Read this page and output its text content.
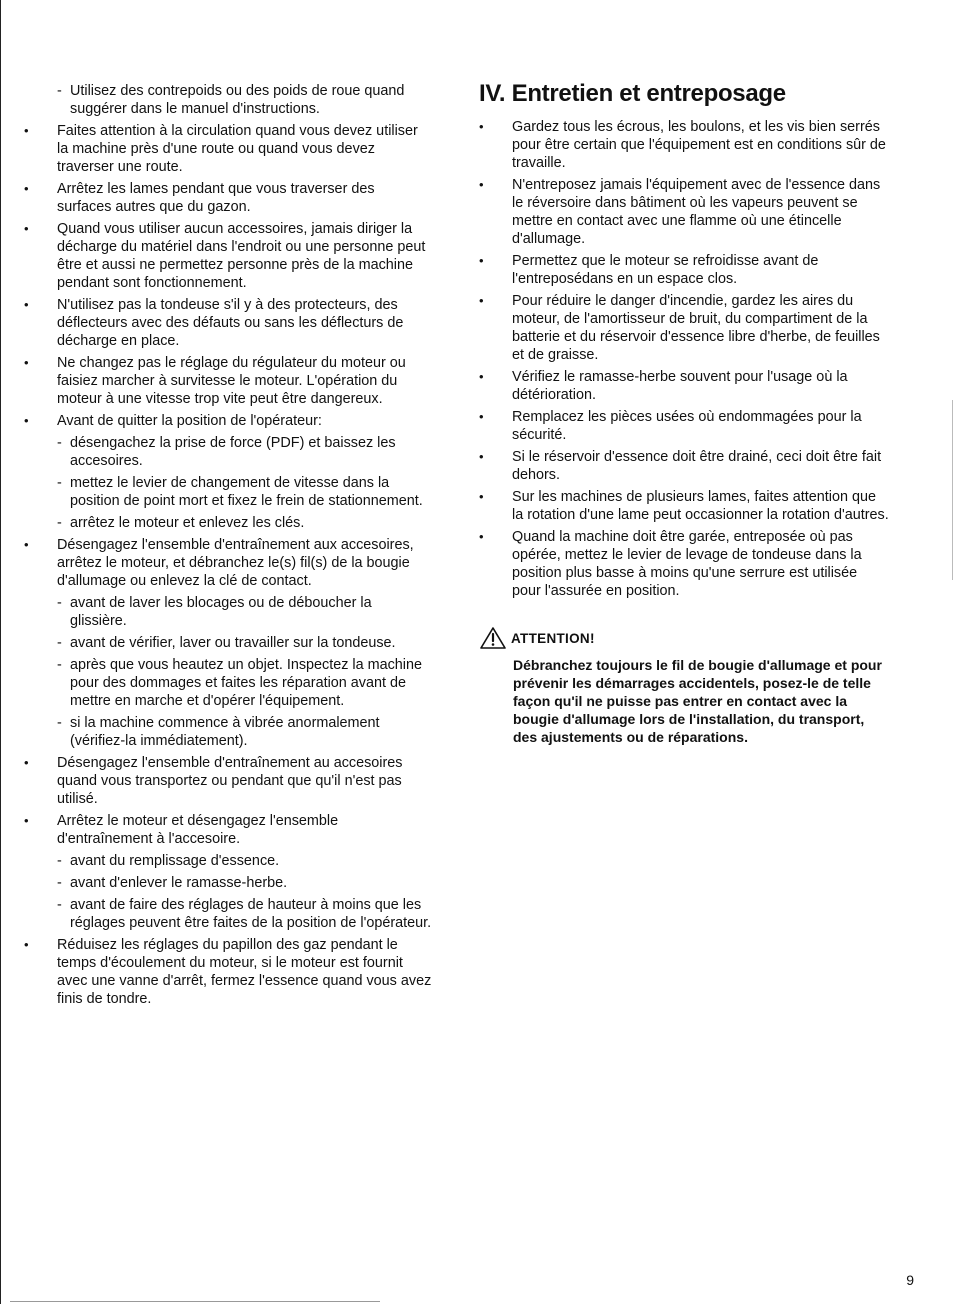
- Utilisez des contrepoids ou des poids de roue quand suggérer dans le manuel d'instructions.
• Faites attention à la circulation quand vous devez utiliser la machine près d'une route ou quand vous devez traverser une route.
• Arrêtez les lames pendant que vous traverser des surfaces autres que du gazon.
• Quand vous utiliser aucun accessoires, jamais diriger la décharge du matériel dans l'endroit ou une personne peut être et aussi ne permettez personne près de la machine pendant sont fonctionnement.
• N'utilisez pas la tondeuse s'il y à des protecteurs, des déflecteurs avec des défauts ou sans les déflecturs de décharge en place.
• Ne changez pas le réglage du régulateur du moteur ou faisiez marcher à survitesse le moteur. L'opération du moteur à une vitesse trop vite peut être dangereux.
• Avant de quitter la position de l'opérateur:
- désengachez la prise de force (PDF) et baissez les accesoires.
- mettez le levier de changement de vitesse dans la position de point mort et fixez le frein de stationnement.
- arrêtez le moteur et enlevez les clés.
• Désengagez l'ensemble d'entraînement aux accesoires, arrêtez le moteur, et débranchez le(s) fil(s) de la bougie d'allumage ou enlevez la clé de contact.
- avant de laver les blocages ou de déboucher la glissière.
- avant de vérifier, laver ou travailler sur la tondeuse.
- après que vous heautez un objet. Inspectez la machine pour des dommages et faites les réparation avant de mettre en marche et d'opérer l'équipement.
- si la machine commence à vibrée anormalement (vérifiez-la immédiatement).
• Désengagez l'ensemble d'entraînement au accesoires quand vous transportez ou pendant que qu'il n'est pas utilisé.
• Arrêtez le moteur et désengagez l'ensemble d'entraînement à l'accesoire.
- avant du remplissage d'essence.
- avant d'enlever le ramasse-herbe.
- avant de faire des réglages de hauteur à moins que les réglages peuvent être faites de la position de l'opérateur.
• Réduisez les réglages du papillon des gaz pendant le temps d'écoulement du moteur, si le moteur est fournit avec une vanne d'arrêt, fermez l'essence quand vous avez finis de tondre.
IV. Entretien et entreposage
• Gardez tous les écrous, les boulons, et les vis bien serrés pour être certain que l'équipement est en conditions sûr de travaille.
• N'entreposez jamais l'équipement avec de l'essence dans le réversoire dans bâtiment où les vapeurs peuvent se mettre en contact avec une flamme où une étincelle d'allumage.
• Permettez que le moteur se refroidisse avant de l'entreposédans en un espace clos.
• Pour réduire le danger d'incendie, gardez les aires du moteur, de l'amortisseur de bruit, du compartiment de la batterie et du réservoir d'essence libre d'herbe, de feuilles et de graisse.
• Vérifiez le ramasse-herbe souvent pour l'usage où la détérioration.
• Remplacez les pièces usées où endommagées pour la sécurité.
• Si le réservoir d'essence doit être drainé, ceci doit être fait dehors.
• Sur les machines de plusieurs lames, faites attention que la rotation d'une lame peut occasionner la rotation d'autres.
• Quand la machine doit être garée, entreposée où pas opérée, mettez le levier de levage de tondeuse dans la position plus basse à moins qu'une serrure est utilisée pour l'assurée en position.
ATTENTION!
Débranchez toujours le fil de bougie d'allumage et pour prévenir les démarrages accidentels, posez-le de telle façon qu'il ne puisse pas entrer en contact avec la bougie d'allumage lors de l'installation, du transport, des ajustements ou de réparations.
9
